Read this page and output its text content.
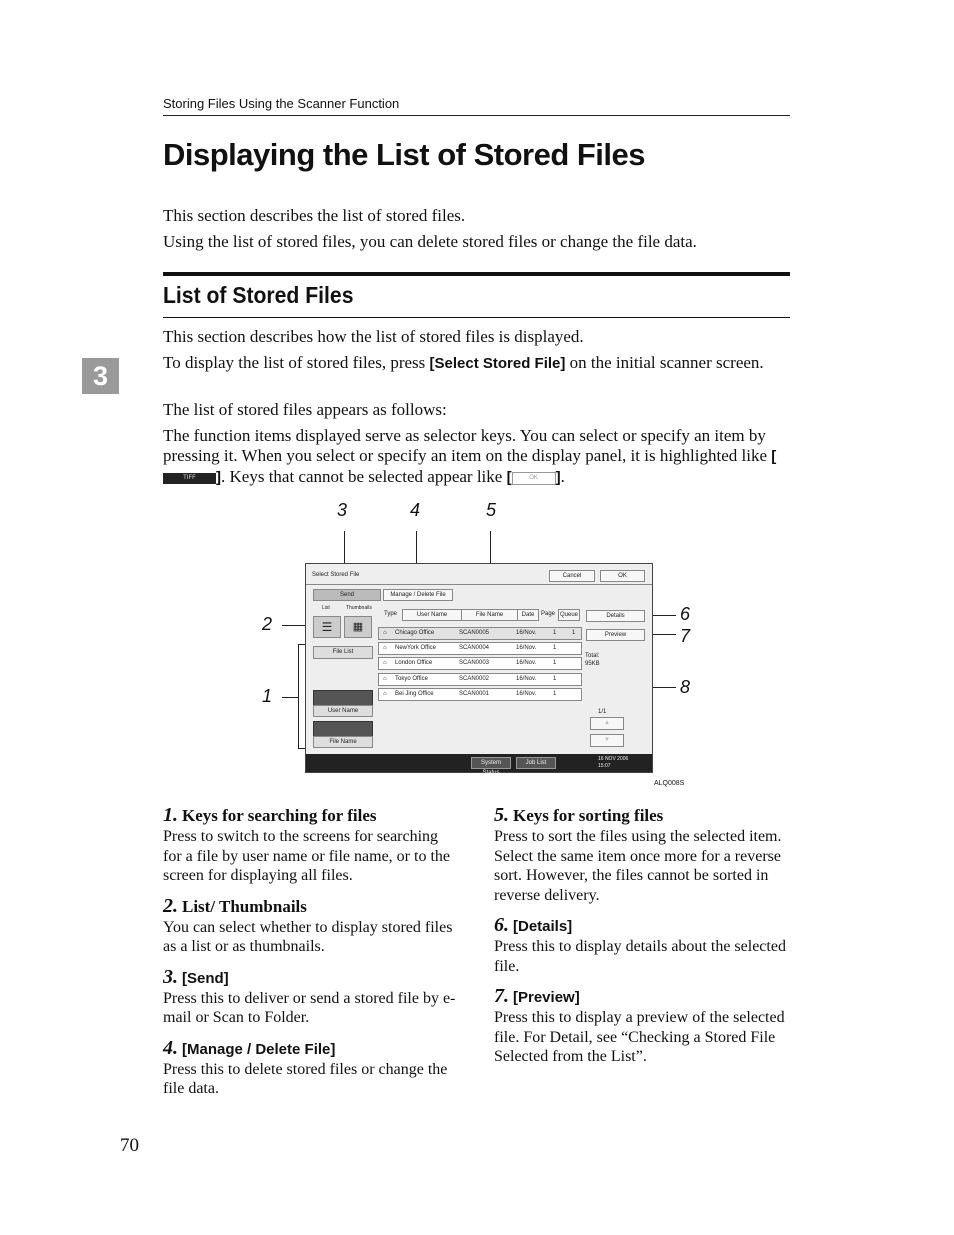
Storing Files Using the Scanner Function
Displaying the List of Stored Files
This section describes the list of stored files.
Using the list of stored files, you can delete stored files or change the file data.
List of Stored Files
3
This section describes how the list of stored files is displayed.
To display the list of stored files, press [Select Stored File] on the initial scanner screen.
The list of stored files appears as follows:
The function items displayed serve as selector keys. You can select or specify an item by pressing it. When you select or specify an item on the display panel, it is highlighted like [TIFF ]. Keys that cannot be selected appear like [	OK ].
3	4	5
2
1
6
7
8
Select Stored File	Cancel	OK
Send	Manage / Delete File
List	Thumbnails
☰	▦
File List
User Name
File Name
Type	User Name	File Name	Date	Page Queue
⌂ Chicago Office	SCAN0005	16/Nov.	1	1
⌂ NewYork Office	SCAN0004	16/Nov.	1
⌂ London Office	SCAN0003	16/Nov.	1
⌂ Tokyo Office	SCAN0002	16/Nov.	1
⌂ Bei Jing Office	SCAN0001	16/Nov.	1
Details
Preview
Total:
95KB
1/1
▲
▼
System Status
Job List
16 NOV 2006
15:07
ALQ008S
1. Keys for searching for files
Press to switch to the screens for searching for a file by user name or file name, or to the screen for displaying all files.
2. List/ Thumbnails
You can select whether to display stored files as a list or as thumbnails.
3. [Send]
Press this to deliver or send a stored file by e-mail or Scan to Folder.
4. [Manage / Delete File]
Press this to delete stored files or change the file data.
5. Keys for sorting files
Press to sort the files using the selected item. Select the same item once more for a reverse sort. However, the files cannot be sorted in reverse delivery.
6. [Details]
Press this to display details about the selected file.
7. [Preview]
Press this to display a preview of the selected file. For Detail, see “Checking a Stored File Selected from the List”.
70
